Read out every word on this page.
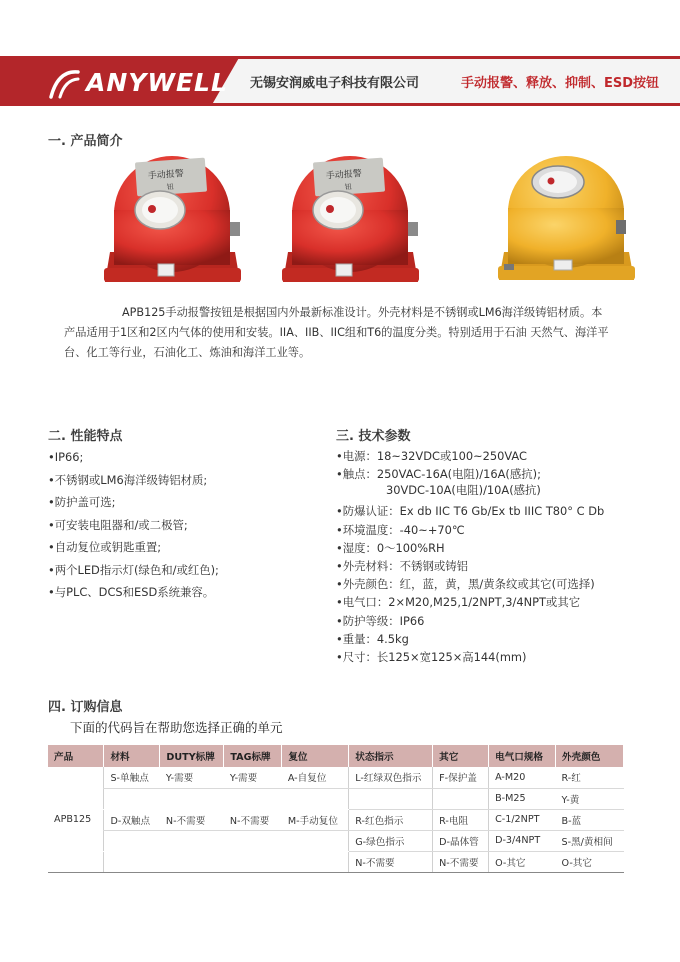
ANYWELL 无锡安润威电子科技有限公司	手动报警、释放、抑制、ESD按钮
一. 产品简介
手动报警
钮
手动报警
钮

APB125手动报警按钮是根据国内外最新标准设计。外壳材料是不锈钢或LM6海洋级铸铝材质。本

产品适用于1区和2区内气体的使用和安装。IIA、IIB、IIC组和T6的温度分类。特别适用于石油 天然气、海洋平
台、化工等行业，石油化工、炼油和海洋工业等。
二. 性能特点
•IP66;
•不锈钢或LM6海洋级铸铝材质;
•防护盖可选;
•可安装电阻器和/或二极管;
•自动复位或钥匙重置;
•两个LED指示灯(绿色和/或红色);
•与PLC、DCS和ESD系统兼容。
三. 技术参数
•电源：18~32VDC或100~250VAC
•触点：250VAC-16A(电阻)/16A(感抗);
30VDC-10A(电阻)/10A(感抗)
•防爆认证：Ex db IIC T6 Gb/Ex tb IIIC T80° C Db
•环境温度：-40~+70℃
•湿度：0～100%RH
•外壳材料：不锈钢或铸铝
•外壳颜色：红，蓝，黄，黑/黄条纹或其它(可选择)
•电气口：2×M20,M25,1/2NPT,3/4NPT或其它
•防护等级：IP66
•重量：4.5kg
•尺寸：长125×宽125×高144(mm)
四. 订购信息
下面的代码旨在帮助您选择正确的单元
产品	材料	DUTY标牌	TAG标牌	复位	状态指示	其它	电气口规格	外壳颜色
APB125	S-单触点	Y-需要	Y-需要	A-自复位	L-红绿双色指示	F-保护盖	A-M20	R-红
							B-M25	Y-黄
	D-双触点	N-不需要	N-不需要	M-手动复位	R-红色指示	R-电阻	C-1/2NPT	B-蓝
					G-绿色指示	D-晶体管	D-3/4NPT	S-黑/黄相间
					N-不需要	N-不需要	O-其它	O-其它
